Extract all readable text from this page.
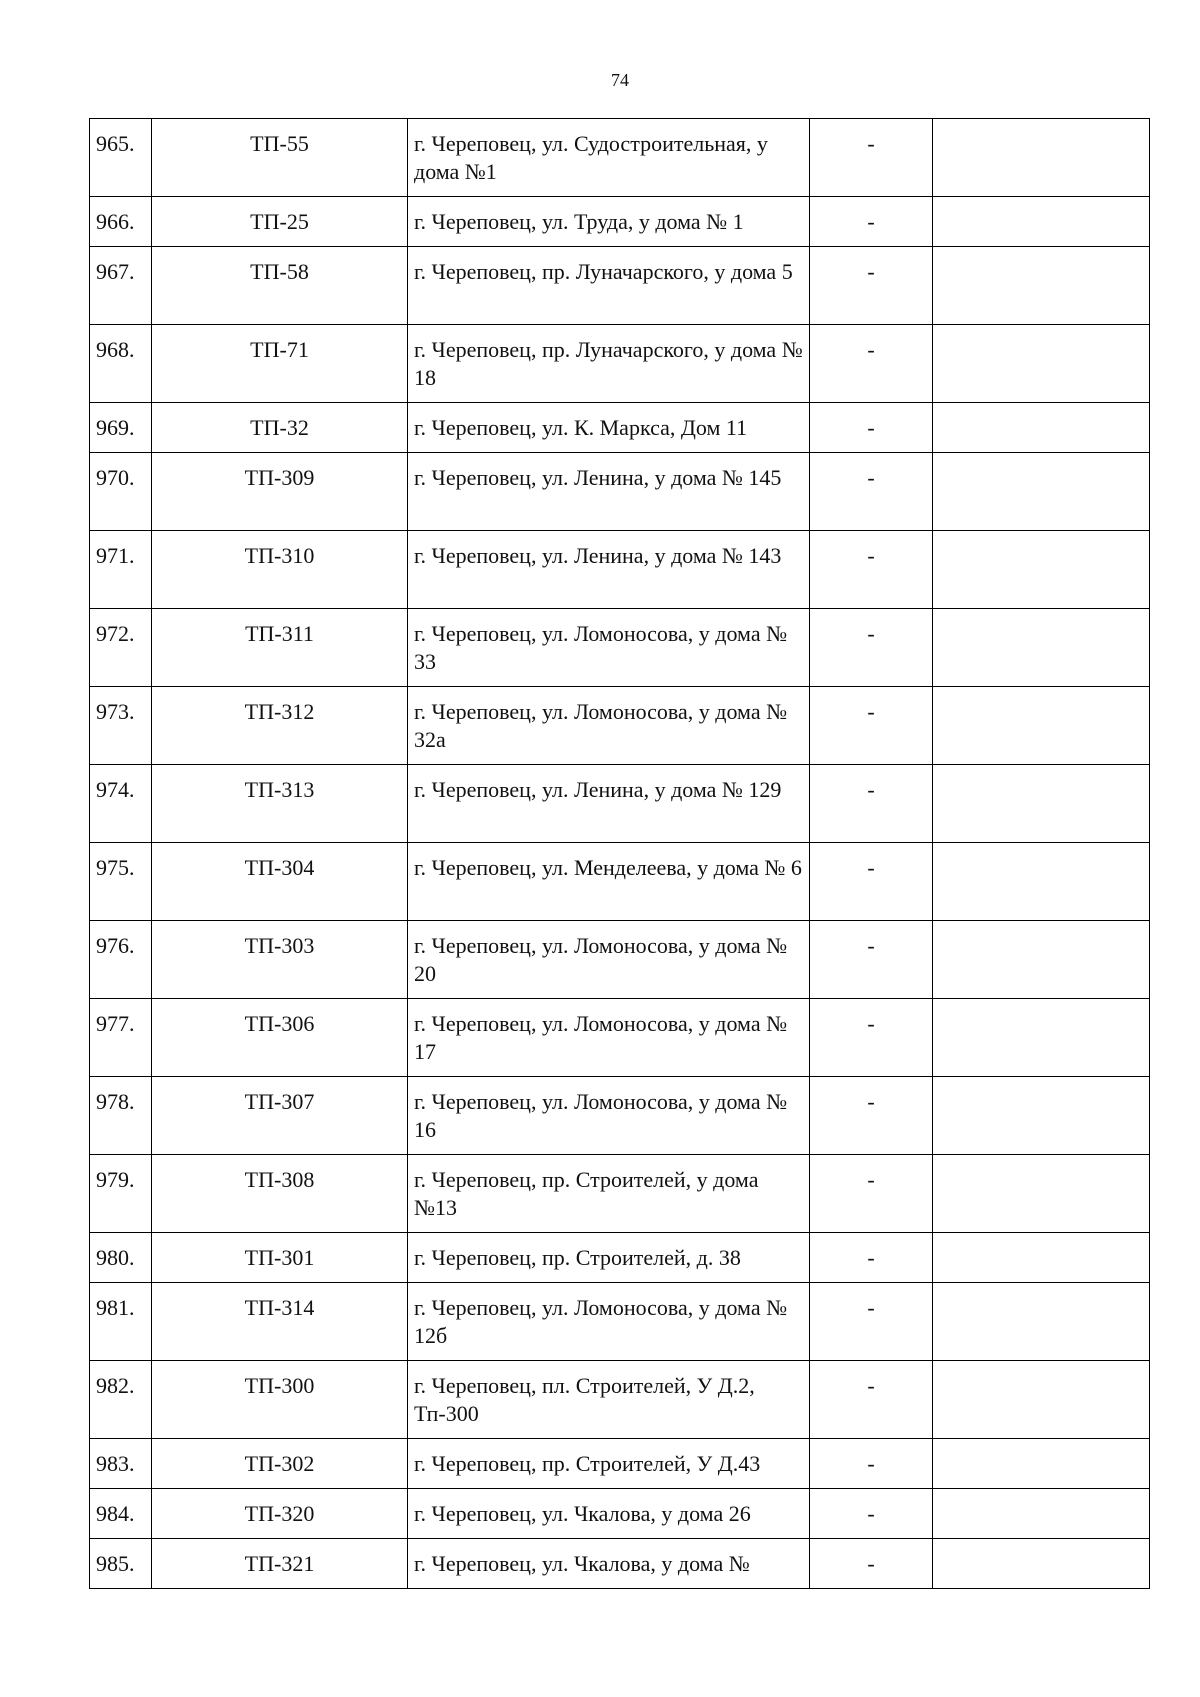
74
965.	ТП-55	г. Череповец, ул. Судостроительная, у дома №1	-	
966.	ТП-25	г. Череповец, ул. Труда, у дома № 1	-	
967.	ТП-58	г. Череповец, пр. Луначарского, у дома 5	-	
968.	ТП-71	г. Череповец, пр. Луначарского, у дома № 18	-	
969.	ТП-32	г. Череповец, ул. К. Маркса, Дом 11	-	
970.	ТП-309	г. Череповец, ул. Ленина, у дома № 145	-	
971.	ТП-310	г. Череповец, ул. Ленина, у дома № 143	-	
972.	ТП-311	г. Череповец, ул. Ломоносова, у дома № 33	-	
973.	ТП-312	г. Череповец, ул. Ломоносова, у дома № 32а	-	
974.	ТП-313	г. Череповец, ул. Ленина, у дома № 129	-	
975.	ТП-304	г. Череповец, ул. Менделеева, у дома № 6	-	
976.	ТП-303	г. Череповец, ул. Ломоносова, у дома № 20	-	
977.	ТП-306	г. Череповец, ул. Ломоносова, у дома № 17	-	
978.	ТП-307	г. Череповец, ул. Ломоносова, у дома № 16	-	
979.	ТП-308	г. Череповец, пр. Строителей, у дома №13	-	
980.	ТП-301	г. Череповец, пр. Строителей, д. 38	-	
981.	ТП-314	г. Череповец, ул. Ломоносова, у дома № 12б	-	
982.	ТП-300	г. Череповец, пл. Строителей, У Д.2, Тп-300	-	
983.	ТП-302	г. Череповец, пр. Строителей, У Д.43	-	
984.	ТП-320	г. Череповец, ул. Чкалова, у дома 26	-	
985.	ТП-321	г. Череповец, ул. Чкалова, у дома №	-	
